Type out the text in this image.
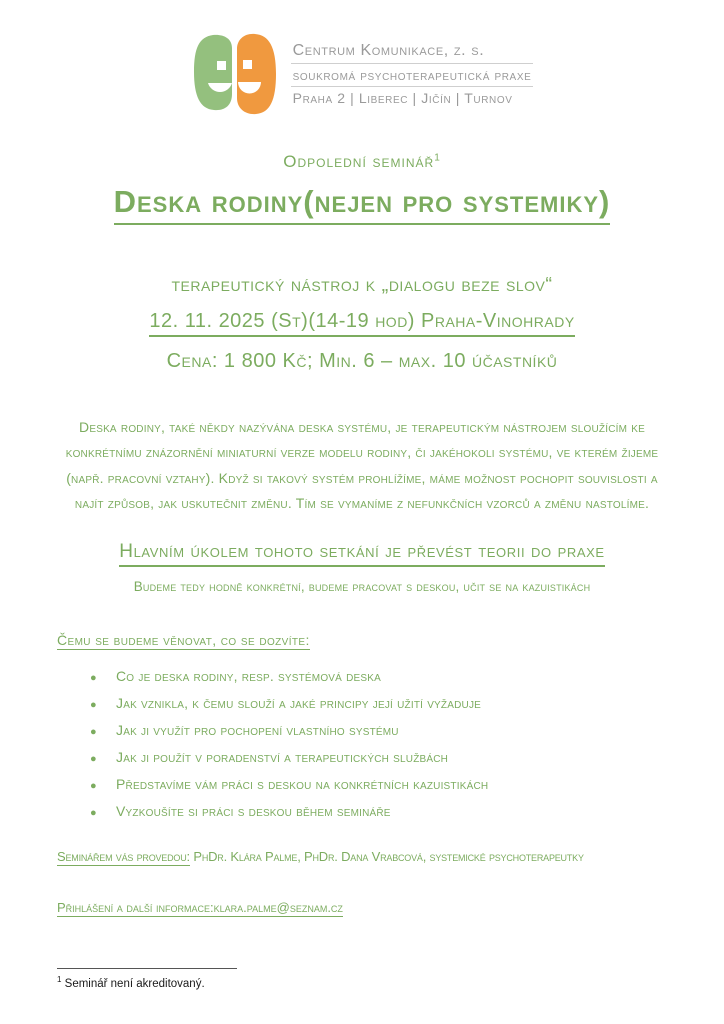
Centrum Komunikace, z. s.
soukromá psychoterapeutická praxe
Praha 2 | Liberec | Jičín | Turnov
Odpolední seminář$^1$
Deska rodiny(nejen pro systemiky)
terapeutický nástroj k „dialogu beze slov“
12. 11. 2025 (St)(14-19 hod) Praha-Vinohrady
Cena: 1 800 Kč; Min. 6 – max. 10 účastníků

Deska rodiny, také někdy nazývána deska systému, je terapeutickým nástrojem sloužícím ke konkrétnímu znázornění miniaturní verze modelu rodiny, či jakéhokoli systému, ve kterém žijeme (např. pracovní vztahy). Když si takový systém prohlížíme, máme možnost pochopit souvislosti a najít způsob, jak uskutečnit změnu. Tím se vymaníme z nefunkčních vzorců a změnu nastolíme.

Hlavním úkolem tohoto setkání je převést teorii do praxe
Budeme tedy hodně konkrétní, budeme pracovat s deskou, učit se na kazuistikách
Čemu se budeme věnovat, co se dozvíte:
●	Co je deska rodiny, resp. systémová deska
●	Jak vznikla, k čemu slouží a jaké principy její užití vyžaduje
●	Jak ji využít pro pochopení vlastního systému
●	Jak ji použít v poradenství a terapeutických službách
●	Představíme vám práci s deskou na konkrétních kazuistikách
●	Vyzkoušíte si práci s deskou během semináře
Seminářem vás provedou: PhDr. Klára Palme, PhDr. Dana Vrabcová, systemické psychoterapeutky
Přihlášení a další informace:klara.palme@seznam.cz
$^1$ Seminář není akreditovaný.
